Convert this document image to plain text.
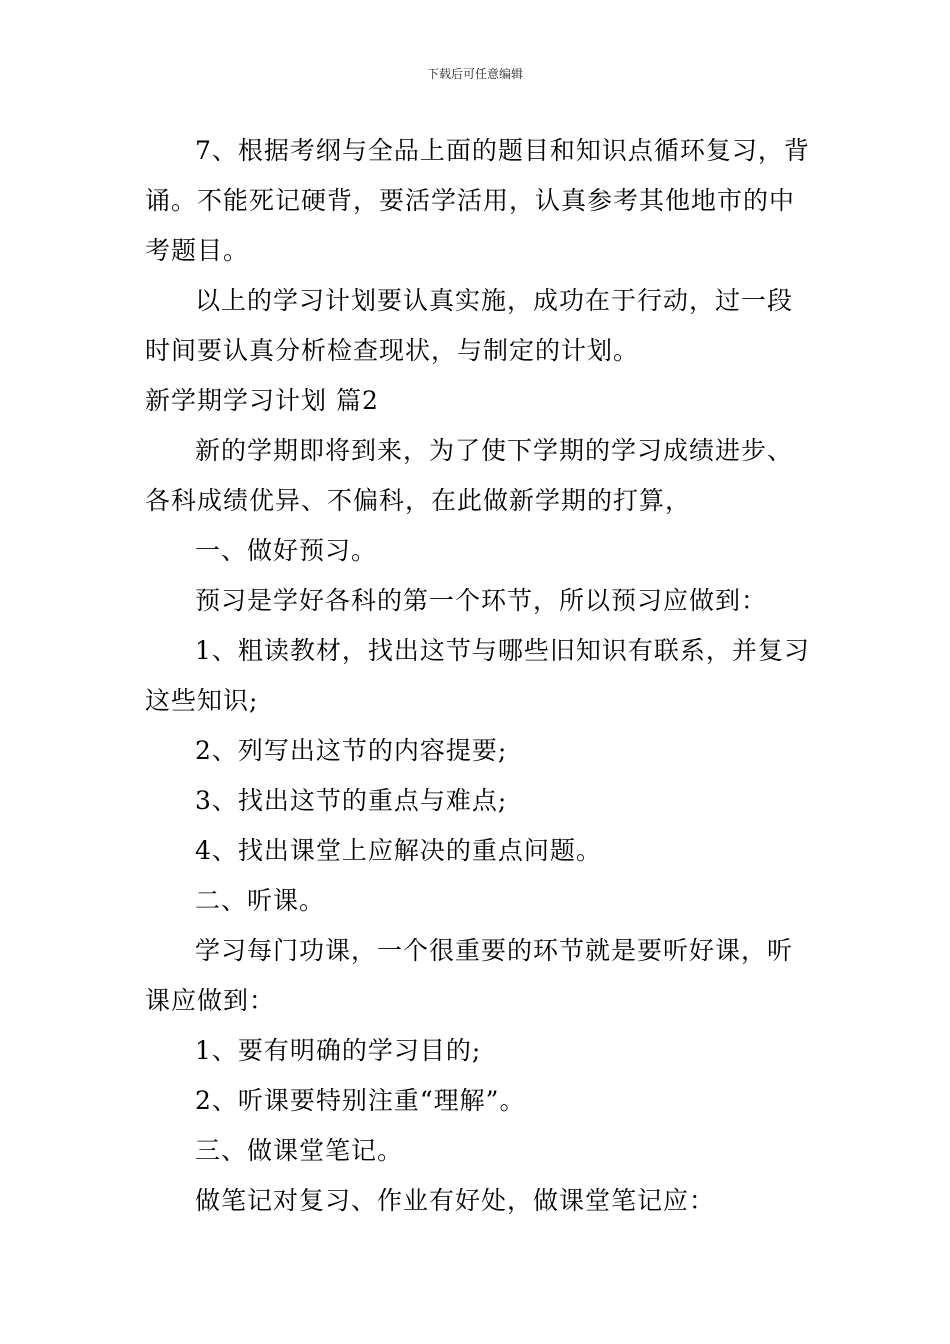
下载后可任意编辑

7、根据考纲与全品上面的题目和知识点循环复习，背诵。不能死记硬背，要活学活用，认真参考其他地市的中考题目。

以上的学习计划要认真实施，成功在于行动，过一段时间要认真分析检查现状，与制定的计划。

新学期学习计划 篇2

新的学期即将到来，为了使下学期的学习成绩进步、各科成绩优异、不偏科，在此做新学期的打算，

一、做好预习。

预习是学好各科的第一个环节，所以预习应做到：

1、粗读教材，找出这节与哪些旧知识有联系，并复习这些知识;

2、列写出这节的内容提要;

3、找出这节的重点与难点;

4、找出课堂上应解决的重点问题。

二、听课。

学习每门功课，一个很重要的环节就是要听好课，听课应做到：

1、要有明确的学习目的;

2、听课要特别注重“理解”。

三、做课堂笔记。

做笔记对复习、作业有好处，做课堂笔记应：
